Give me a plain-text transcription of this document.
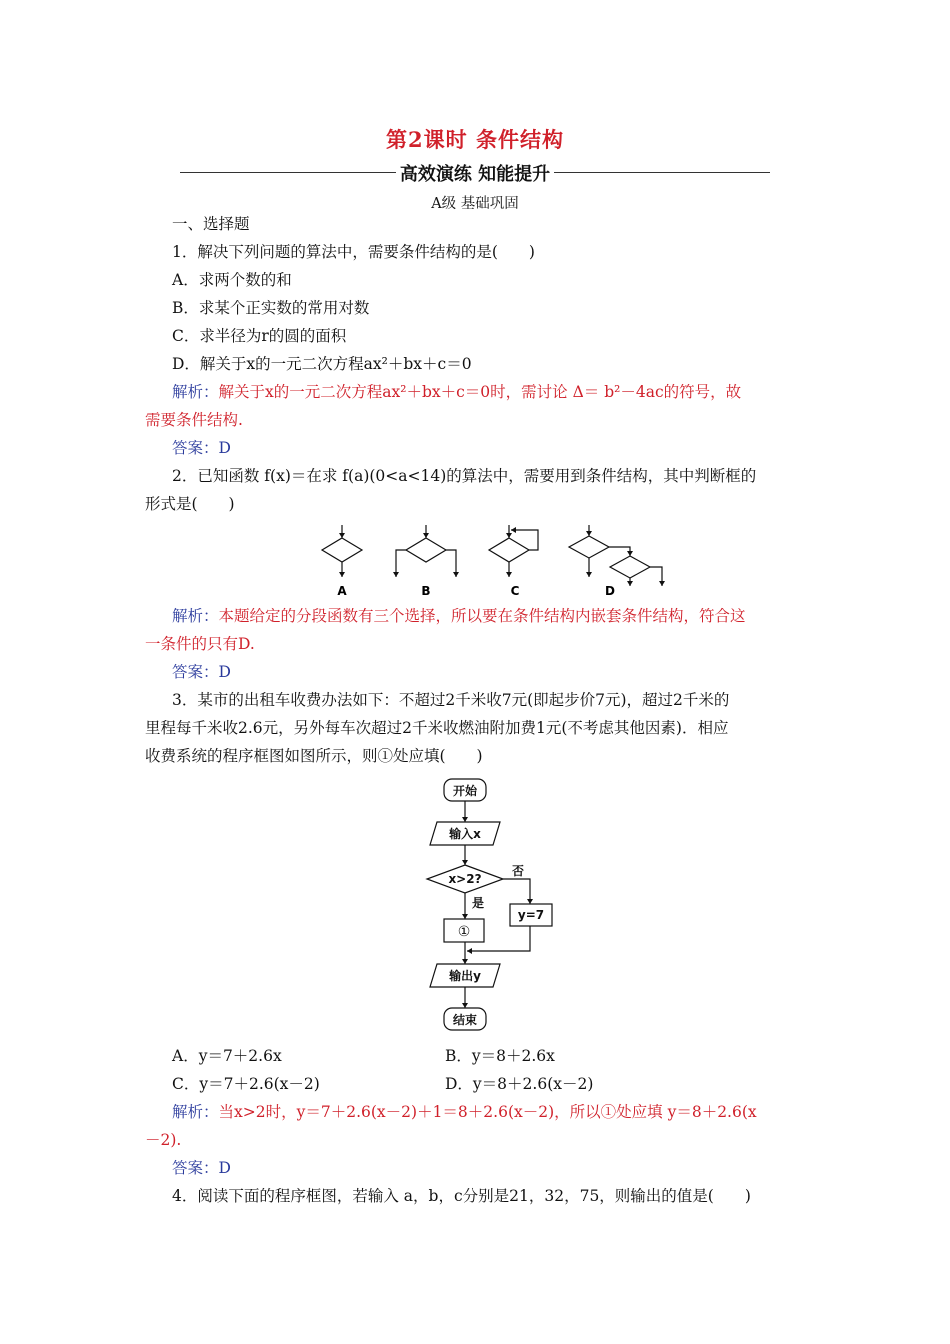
第2课时 条件结构
高效演练 知能提升
A级 基础巩固
一、选择题
1．解决下列问题的算法中，需要条件结构的是(　　)
A．求两个数的和
B．求某个正实数的常用对数
C．求半径为r的圆的面积
D．解关于x的一元二次方程ax²＋bx＋c＝0
解析：解关于x的一元二次方程ax²＋bx＋c＝0时，需讨论 Δ＝ b²－4ac的符号，故
需要条件结构.
答案：D
2．已知函数 f(x)＝在求 f(a)(0<a<14)的算法中，需要用到条件结构，其中判断框的
形式是(　　)
A	B	C	D
解析：本题给定的分段函数有三个选择，所以要在条件结构内嵌套条件结构，符合这
一条件的只有D.
答案：D
3．某市的出租车收费办法如下：不超过2千米收7元(即起步价7元)，超过2千米的
里程每千米收2.6元，另外每车次超过2千米收燃油附加费1元(不考虑其他因素)．相应
收费系统的程序框图如图所示，则①处应填(　　)
开始
输入x
x>2?
否
是
y=7
①
输出y
结束
A．y＝7＋2.6x	B．y＝8＋2.6x
C．y＝7＋2.6(x－2)	D．y＝8＋2.6(x－2)
解析：当x>2时，y＝7＋2.6(x－2)＋1＝8＋2.6(x－2)，所以①处应填 y＝8＋2.6(x
－2).
答案：D
4．阅读下面的程序框图，若输入 a，b，c分别是21，32，75，则输出的值是(　　)
